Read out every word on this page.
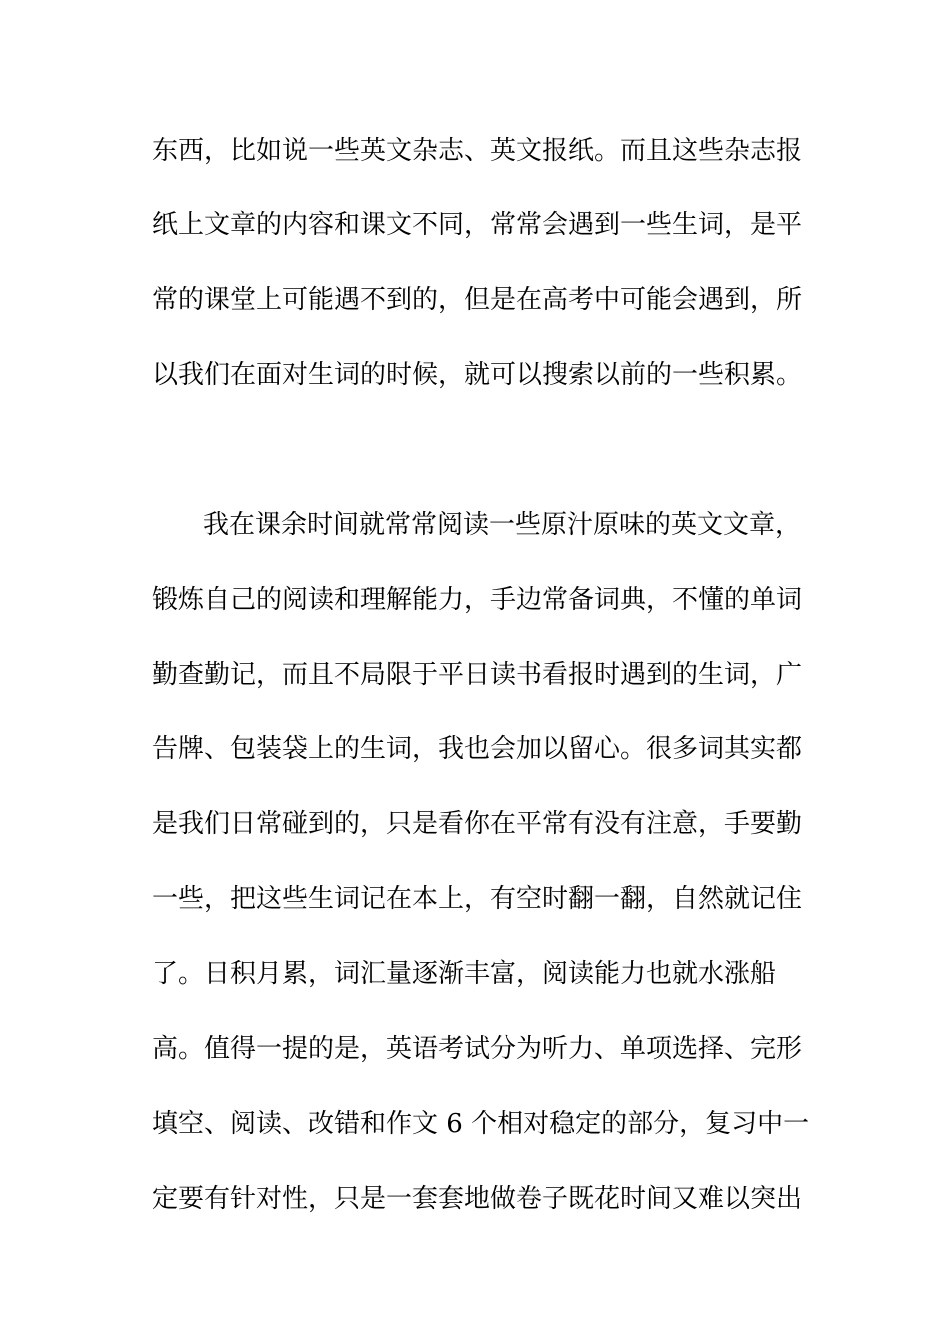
东西，比如说一些英文杂志、英文报纸。而且这些杂志报
纸上文章的内容和课文不同，常常会遇到一些生词，是平
常的课堂上可能遇不到的，但是在高考中可能会遇到，所
以我们在面对生词的时候，就可以搜索以前的一些积累。
我在课余时间就常常阅读一些原汁原味的英文文章，
锻炼自己的阅读和理解能力，手边常备词典，不懂的单词
勤查勤记，而且不局限于平日读书看报时遇到的生词，广
告牌、包装袋上的生词，我也会加以留心。很多词其实都
是我们日常碰到的，只是看你在平常有没有注意，手要勤
一些，把这些生词记在本上，有空时翻一翻，自然就记住
了。日积月累，词汇量逐渐丰富，阅读能力也就水涨船
高。值得一提的是，英语考试分为听力、单项选择、完形
填空、阅读、改错和作文 6 个相对稳定的部分，复习中一
定要有针对性，只是一套套地做卷子既花时间又难以突出
